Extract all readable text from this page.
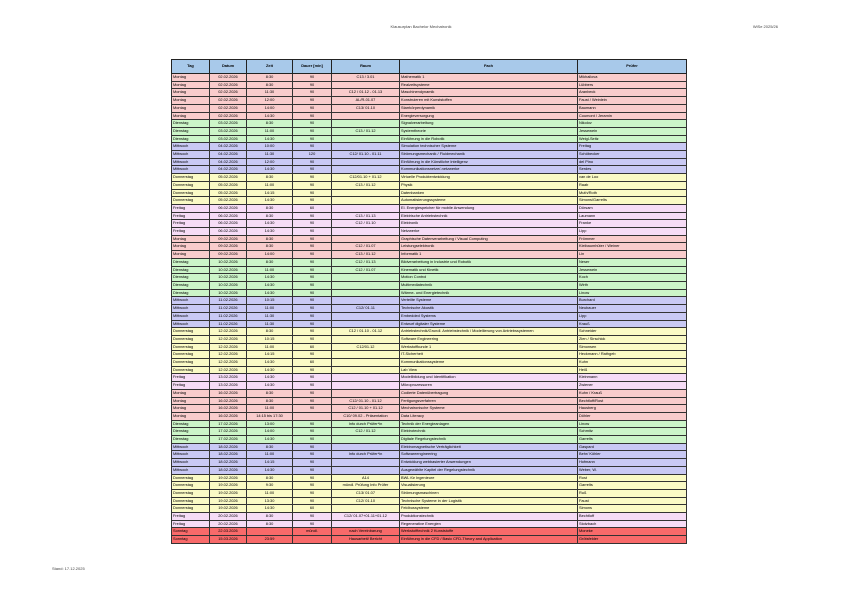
Klausurplan Bachelor Mechatronik	WiSe 2025/26
Tag	Datum	Zeit	Dauer [min]	Raum	Fach	Prüfer
Montag	02.02.2026	8:30	90	C13 / 3.01	Mathematik 1	Mikhailova
Montag	02.02.2026	8:30	90		Realzeitsysteme	Lübbers
Montag	02.02.2026	11:30	90	C12 / 01.12 - 01.13	Maschinendynamik	Aranbeck
Montag	02.02.2026	12:00	90	AL/R-01.07	Konstruieren mit Kunststoffen	Faust / Weinlein
Montag	02.02.2026	14:00	90	C13/ 01.10	Starrkörperdynamik	Baumann
Montag	02.02.2026	14:30	90		Energieversorgung	Coumont / Jeramin
Dienstag	03.02.2026	8:30	90		Signalverarbeitung	Nikolov
Dienstag	03.02.2026	11:00	90	C13 / 01.12	Systemtheorie	Jessewein
Dienstag	03.02.2026	14:30	90		Einführung in die Robotik	Weigl-Seitz
Mittwoch	04.02.2026	10:00	90		Simulation technischer Systeme	Freitag
Mittwoch	04.02.2026	11:30	120	C12/ 01.10 - 01.11	Strömungsmechanik / Fluidmechanik	Schöbecker
Mittwoch	04.02.2026	12:00	90		Einführung in die Künstliche Intelligenz	del Pino
Mittwoch	04.02.2026	14:30	90		Kommunikationsnetze/-netzwerke	Serdes
Donnerstag	05.02.2026	8:30	90	C12/01.10 + 01.12	Virtuelle Produktentwicklung	van de Loo
Donnerstag	05.02.2026	11:00	90	C13 / 01.12	Physik	Raab
Donnerstag	05.02.2026	14:15	90		Datenbanken	Muth/Roth
Donnerstag	05.02.2026	14:30	90		Automatisierungssysteme	Simons/Garrelts
Freitag	06.02.2026	8:30	60		El. Energiespeicher für mobile Anwendung	Dörsam
Freitag	06.02.2026	8:30	90	C13 / 01.13	Elektrische Antriebstechnik	Laumann
Freitag	06.02.2026	14:30	90	C12 / 01.10	Elektronik	Franke
Freitag	06.02.2026	14:30	90		Netzwerke	Lipp
Montag	09.02.2026	8:30	90		Graphische Datenverarbeitung / Visual Computing	Frömmer
Montag	09.02.2026	8:30	90	C12 / 01.07	Leistungselektronik	Kleibaumhüter / Weiner
Montag	09.02.2026	14:00	90	C13 / 01.12	Informatik 1	Lin
Dienstag	10.02.2026	8:30	90	C12 / 01.13	Bildverarbeitung in Industrie und Robotik	Neser
Dienstag	10.02.2026	11:00	90	C12 / 01.07	Kinematik und Kinetik	Jessewein
Dienstag	10.02.2026	14:30	90		Motion Control	Koch
Dienstag	10.02.2026	14:30	90		Multimediatechnik	Wirth
Dienstag	10.02.2026	14:30	90		Wärme- und Energietechnik	Linow
Mittwoch	11.02.2026	10:15	90		Verteilte Systeme	Burchard
Mittwoch	11.02.2026	11:00	90	C12/ 01.11	Technische Akustik	Neubauer
Mittwoch	11.02.2026	11:30	90		Embedded Systems	Lipp
Mittwoch	11.02.2026	11:30	90		Entwurf digitaler Systeme	Krauß
Donnerstag	12.02.2026	8:30	90	C12 / 01.10 - 01.12	Antriebstechnik/Grundl. Antriebstechnik / Modellierung von Antriebssystemen	Schneider
Donnerstag	12.02.2026	10:15	90		Software Engineering	Zien / Sirschick
Donnerstag	12.02.2026	11:00	60	C12/01.12	Werkstoffkunde 1	Simonsen
Donnerstag	12.02.2026	14:15	90		IT-Sicherheit	Heckmann / Rathgeb
Donnerstag	12.02.2026	14:30	60		Kommunikationssysteme	Kuhn
Donnerstag	12.02.2026	14:30	90		Lab View	Heiß
Freitag	13.02.2026	14:30	90		Modellbildung und Identifikation	Kleinmann
Freitag	13.02.2026	14:30	90		Mikroprozessoren	Zwiener
Montag	16.02.2026	8:30	90		Codierte Datenübertragung	Kuhn / Krauß
Montag	16.02.2026	8:30	90	C12/ 01.10 - 01.12	Fertigungsverfahren	Bechtloff/Rost
Montag	16.02.2026	11:00	90	C12 / 01.10 + 01.12	Mechatronische Systeme	Hausberg
Montag	16.02.2026	14:15 bis 17:30		C10/ 09.02 - Präsentation	Data Literacy	Döhler
Dienstag	17.02.2026	13:00	90	Info durch Prüfer*in	Technik der Energieanlagen	Linow
Dienstag	17.02.2026	14:00	90	C12 / 01.12	Elektrotechnik	Schmitz
Dienstag	17.02.2026	14:30	90		Digitale Regelungstechnik	Garrelts
Mittwoch	18.02.2026	8:30	90		Elektromagnetische Verträglichkeit	Gaspard
Mittwoch	18.02.2026	11:00	90	Info durch Prüfer*in	Softwareengineering	Behr/ Köhler
Mittwoch	18.02.2026	14:15	90		Entwicklung webbasierter Anwendungen	Hofmann
Mittwoch	18.02.2026	14:30	90		Ausgewählte Kapitel der Regelungstechnik	Weber, W.
Donnerstag	19.02.2026	8:30	90	A14	BWL für Ingenieure	Rost
Donnerstag	19.02.2026	9:30	90	mündl. Prüfung Info Prüfer	Visualisierung	Garrelts
Donnerstag	19.02.2026	11:00	90	C13/ 01.07	Strömungsmaschinen	Ruß
Donnerstag	19.02.2026	13:30	90	C12/ 01.10	Technische Systeme in der Logistik	Faust
Donnerstag	19.02.2026	14:30	60		Feldbussysteme	Simons
Freitag	20.02.2026	8:30	90	C12/ 01.07+01.11+01.12	Produktionstechnik	Bechtloff
Freitag	20.02.2026	8:30	90		Regenerative Energien	Stotzbach
Sonntag	22.03.2026		mündl.	nach Vereinbarung	Werkstofftechnik 2 Kunststoffe	Moneke
Sonntag	15.03.2026	23:59		Hausarbeit/ Bericht	Einführung in die CFD / Basic CFD-Theory and Application	Grötsfelder
Stand: 17.12.2025
